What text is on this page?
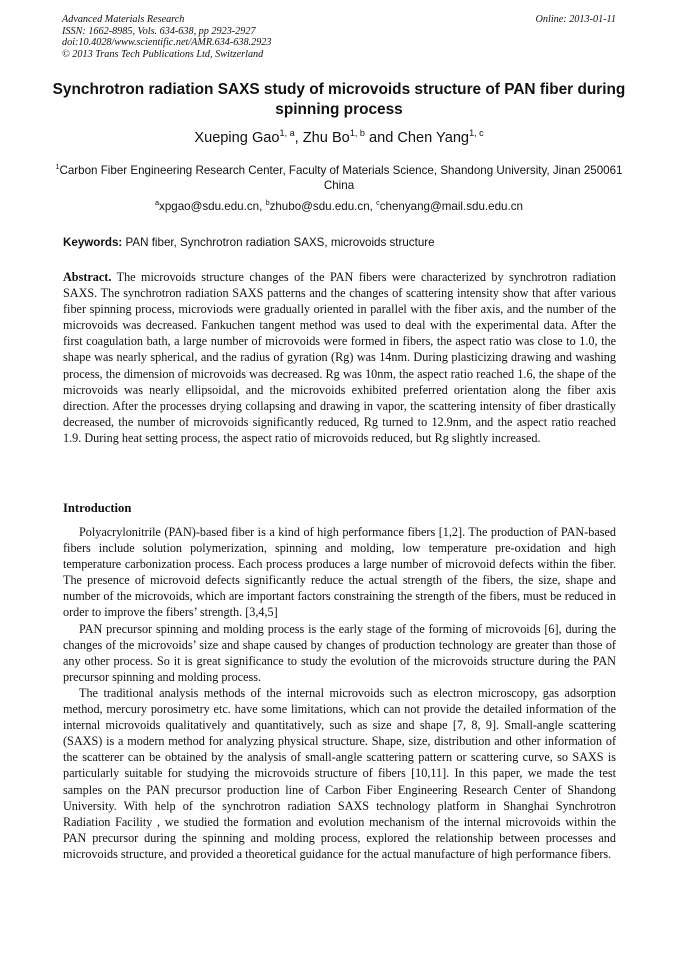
Advanced Materials Research
ISSN: 1662-8985, Vols. 634-638, pp 2923-2927
doi:10.4028/www.scientific.net/AMR.634-638.2923
© 2013 Trans Tech Publications Ltd, Switzerland
Online: 2013-01-11
Synchrotron radiation SAXS study of microvoids structure of PAN fiber during spinning process
Xueping Gao$^{1, a}$, Zhu Bo$^{1, b}$ and Chen Yang$^{1, c}$
$^1$Carbon Fiber Engineering Research Center, Faculty of Materials Science, Shandong University, Jinan 250061 China
$^a$xpgao@sdu.edu.cn, $^b$zhubo@sdu.edu.cn, $^c$chenyang@mail.sdu.edu.cn
Keywords: PAN fiber, Synchrotron radiation SAXS, microvoids structure

Abstract. The microvoids structure changes of the PAN fibers were characterized by synchrotron radiation SAXS. The synchrotron radiation SAXS patterns and the changes of scattering intensity show that after various fiber spinning process, microviods were gradually oriented in parallel with the fiber axis, and the number of the microvoids was decreased. Fankuchen tangent method was used to deal with the experimental data. After the first coagulation bath, a large number of microvoids were formed in fibers, the aspect ratio was close to 1.0, the shape was nearly spherical, and the radius of gyration (Rg) was 14nm. During plasticizing drawing and washing process, the dimension of microvoids was decreased. Rg was 10nm, the aspect ratio reached 1.6, the shape of the microvoids was nearly ellipsoidal, and the microvoids exhibited preferred orientation along the fiber axis direction. After the processes drying collapsing and drawing in vapor, the scattering intensity of fiber drastically decreased, the number of microvoids significantly reduced, Rg turned to 12.9nm, and the aspect ratio reached 1.9. During heat setting process, the aspect ratio of microvoids reduced, but Rg slightly increased.

Introduction

Polyacrylonitrile (PAN)-based fiber is a kind of high performance fibers [1,2]. The production of PAN-based fibers include solution polymerization, spinning and molding, low temperature pre-oxidation and high temperature carbonization process. Each process produces a large number of microvoid defects within the fiber. The presence of microvoid defects significantly reduce the actual strength of the fibers, the size, shape and number of the microvoids, which are important factors constraining the strength of the fibers, must be reduced in order to improve the fibers’ strength. [3,4,5]

PAN precursor spinning and molding process is the early stage of the forming of microvoids [6], during the changes of the microvoids’ size and shape caused by changes of production technology are greater than those of any other process. So it is great significance to study the evolution of the microvoids structure during the PAN precursor spinning and molding process.

The traditional analysis methods of the internal microvoids such as electron microscopy, gas adsorption method, mercury porosimetry etc. have some limitations, which can not provide the detailed information of the internal microvoids qualitatively and quantitatively, such as size and shape [7, 8, 9]. Small-angle scattering (SAXS) is a modern method for analyzing physical structure. Shape, size, distribution and other information of the scatterer can be obtained by the analysis of small-angle scattering pattern or scattering curve, so SAXS is particularly suitable for studying the microvoids structure of fibers [10,11]. In this paper, we made the test samples on the PAN precursor production line of Carbon Fiber Engineering Research Center of Shandong University. With help of the synchrotron radiation SAXS technology platform in Shanghai Synchrotron Radiation Facility , we studied the formation and evolution mechanism of the internal microvoids within the PAN precursor during the spinning and molding process, explored the relationship between processes and microvoids structure, and provided a theoretical guidance for the actual manufacture of high performance fibers.
